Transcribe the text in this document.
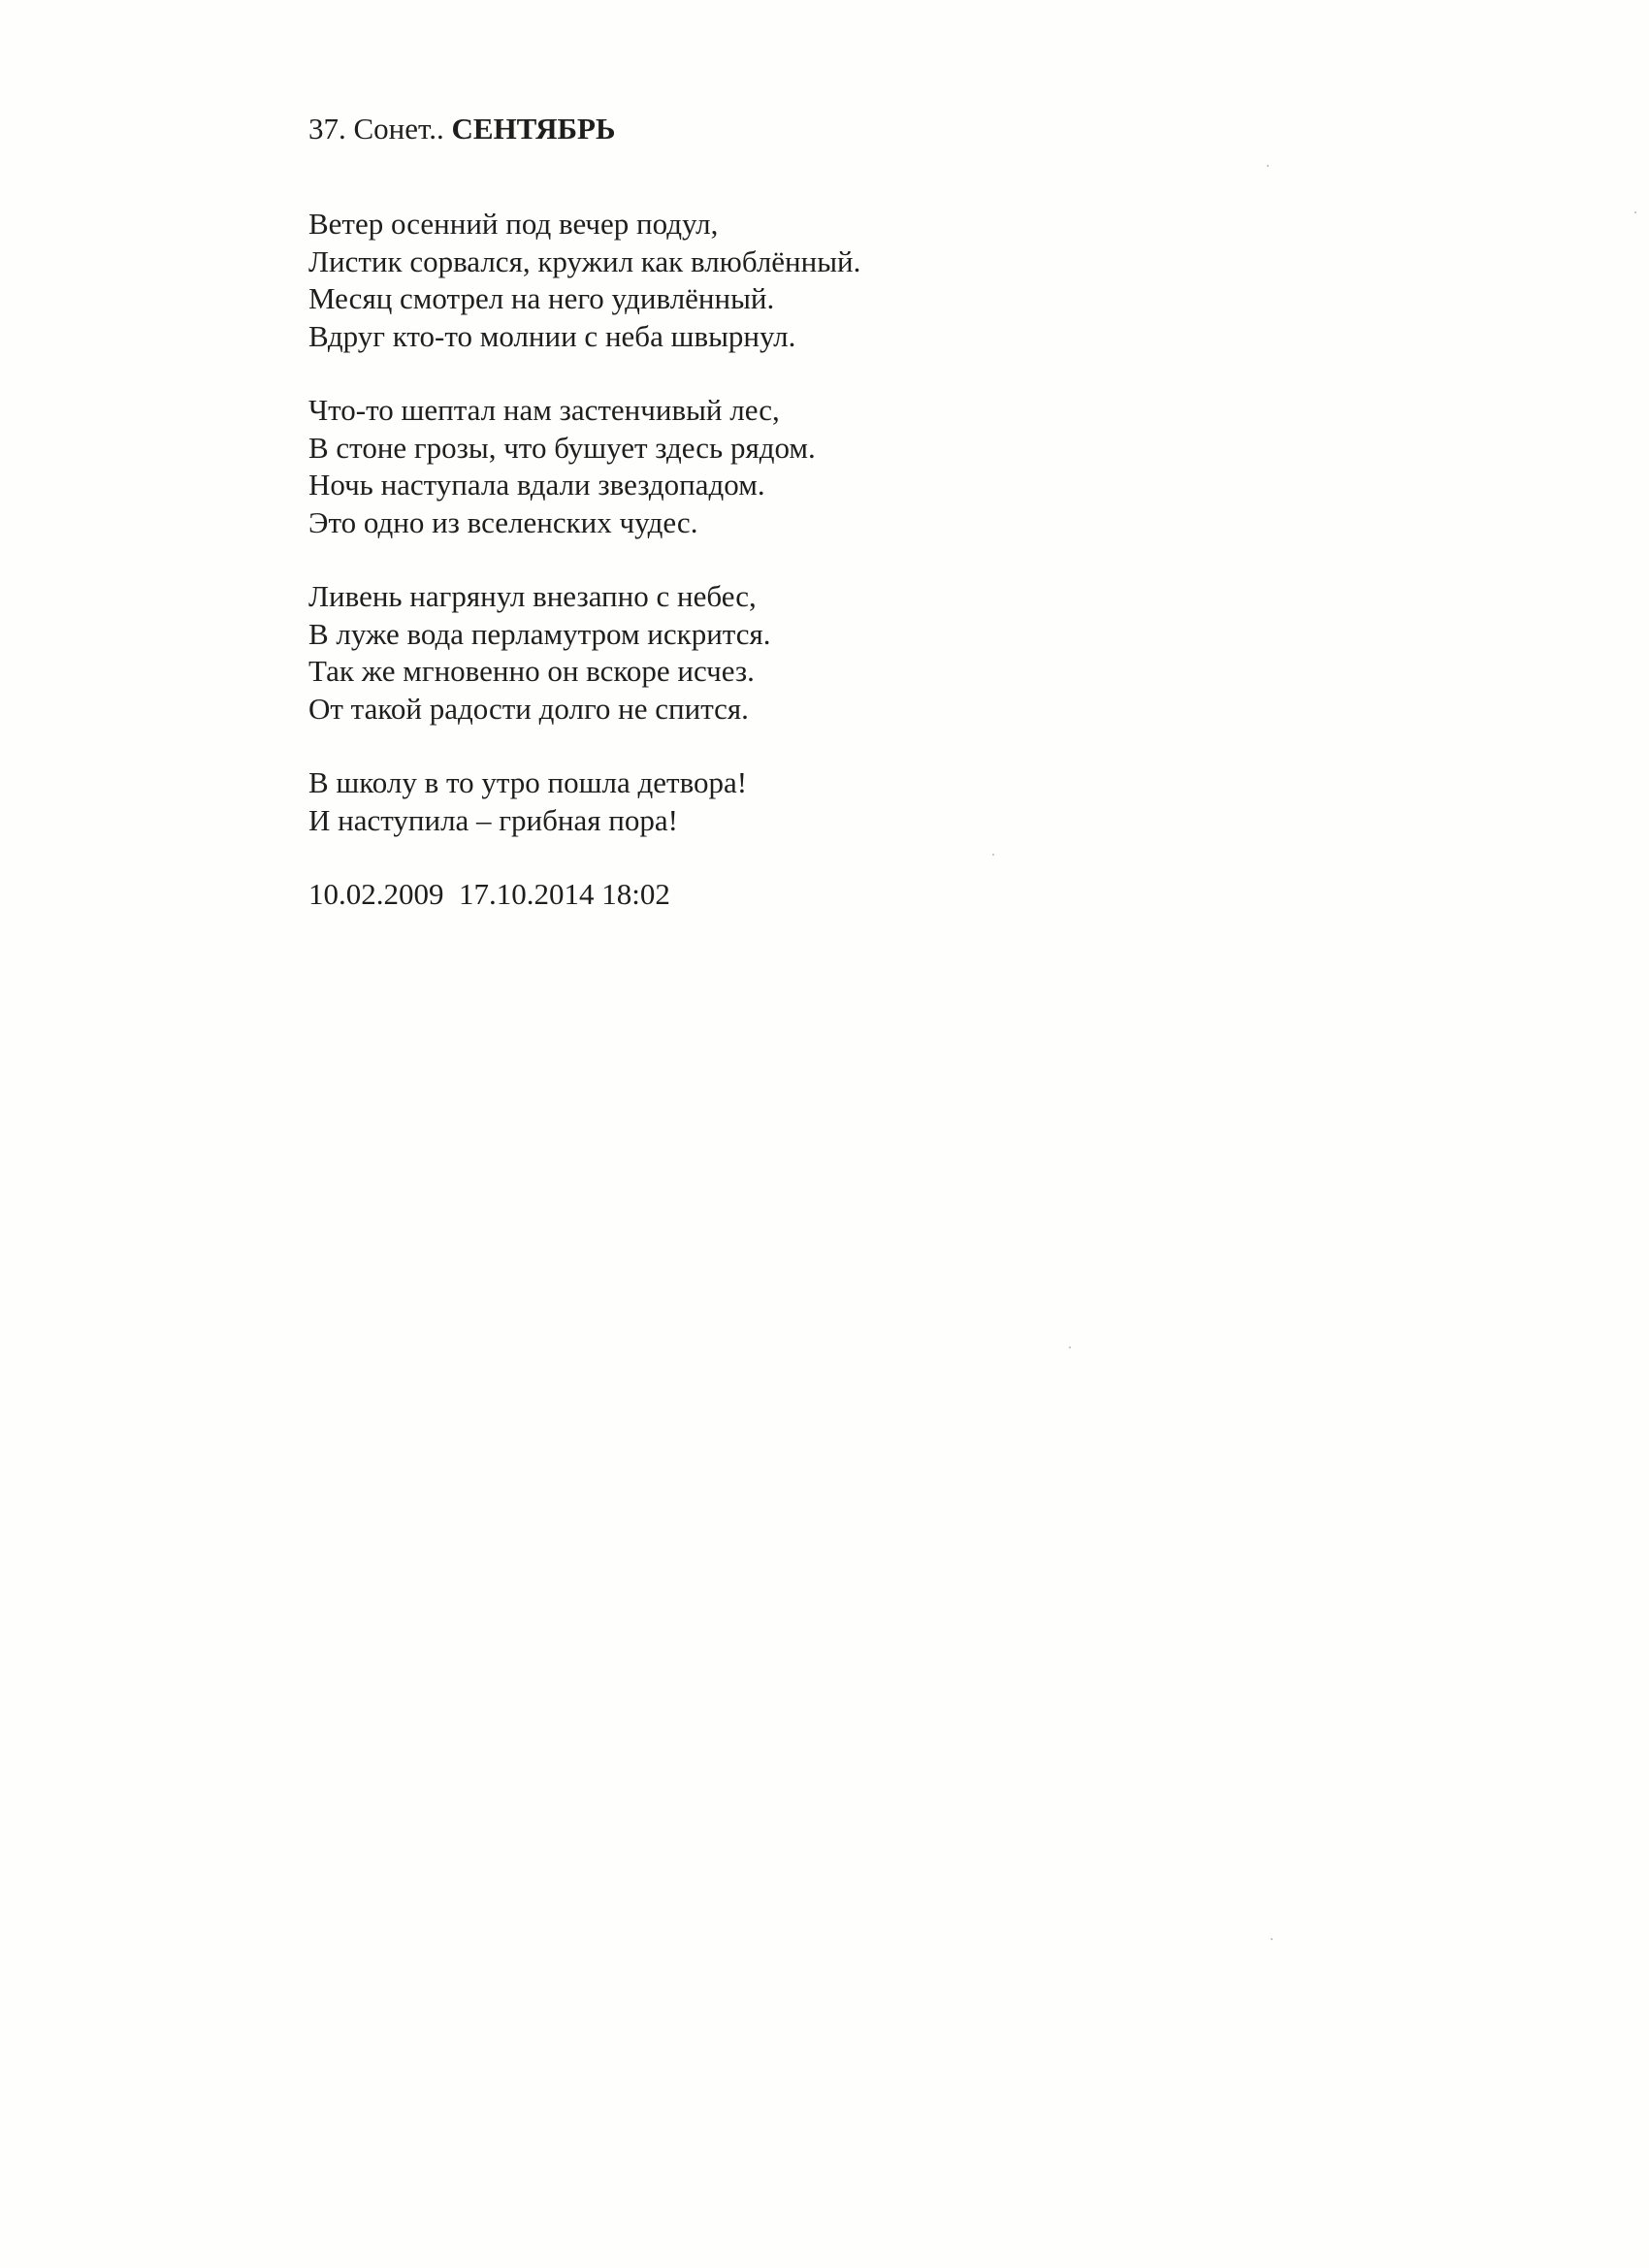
37. Сонет.. СЕНТЯБРЬ
Ветер осенний под вечер подул,
Листик сорвался, кружил как влюблённый.
Месяц смотрел на него удивлённый.
Вдруг кто-то молнии с неба швырнул.
Что-то шептал нам застенчивый лес,
В стоне грозы, что бушует здесь рядом.
Ночь наступала вдали звездопадом.
Это одно из вселенских чудес.
Ливень нагрянул внезапно с небес,
В луже вода перламутром искрится.
Так же мгновенно он вскоре исчез.
От такой радости долго не спится.
В школу в то утро пошла детвора!
И наступила – грибная пора!
10.02.2009  17.10.2014 18:02
